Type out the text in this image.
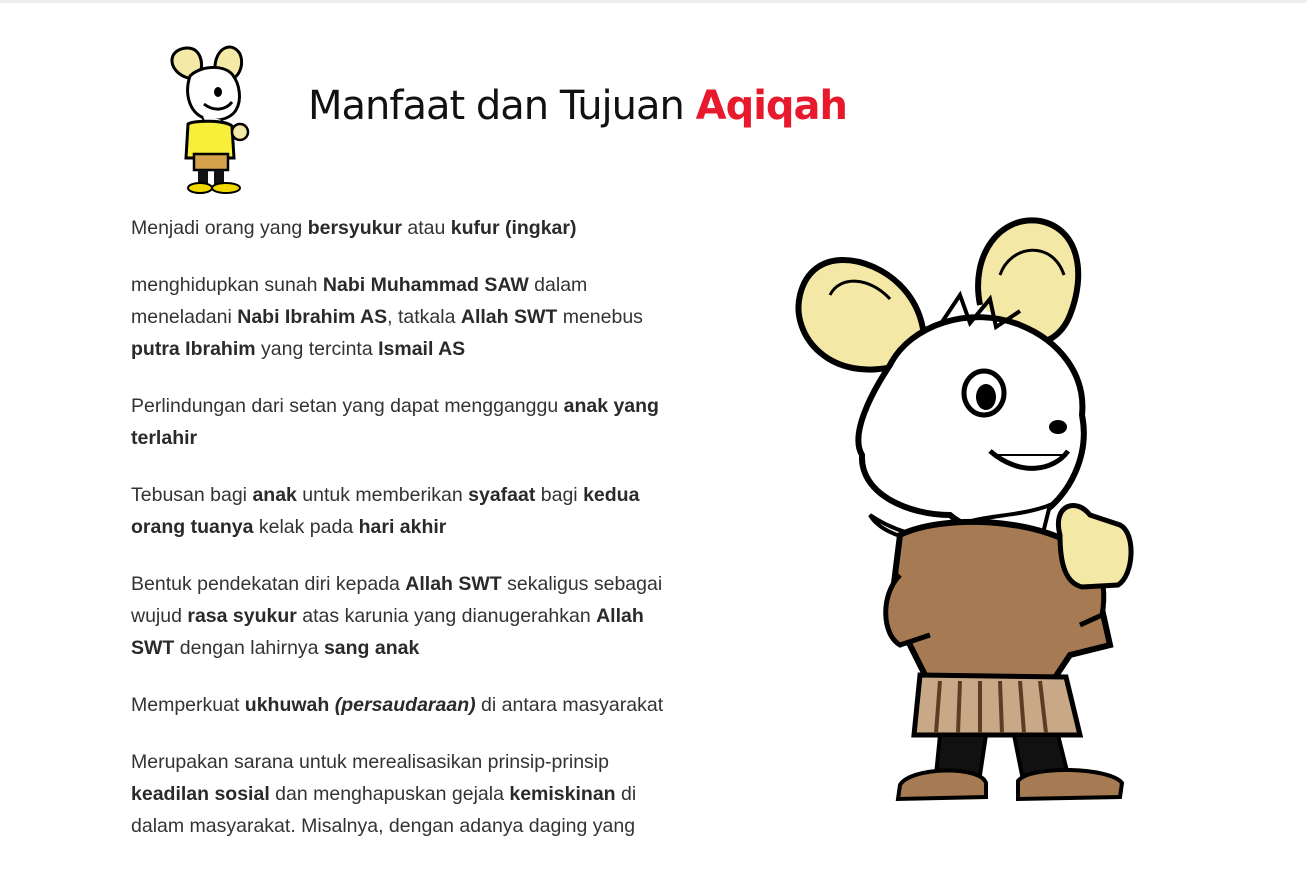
Manfaat dan Tujuan Aqiqah

Menjadi orang yang bersyukur atau kufur (ingkar)

menghidupkan sunah Nabi Muhammad SAW dalam meneladani Nabi Ibrahim AS, tatkala Allah SWT menebus putra Ibrahim yang tercinta Ismail AS

Perlindungan dari setan yang dapat mengganggu anak yang terlahir

Tebusan bagi anak untuk memberikan syafaat bagi kedua orang tuanya kelak pada hari akhir

Bentuk pendekatan diri kepada Allah SWT sekaligus sebagai wujud rasa syukur atas karunia yang dianugerahkan Allah SWT dengan lahirnya sang anak

Memperkuat ukhuwah (persaudaraan) di antara masyarakat

Merupakan sarana untuk merealisasikan prinsip-prinsip keadilan sosial dan menghapuskan gejala kemiskinan di dalam masyarakat. Misalnya, dengan adanya daging yang
